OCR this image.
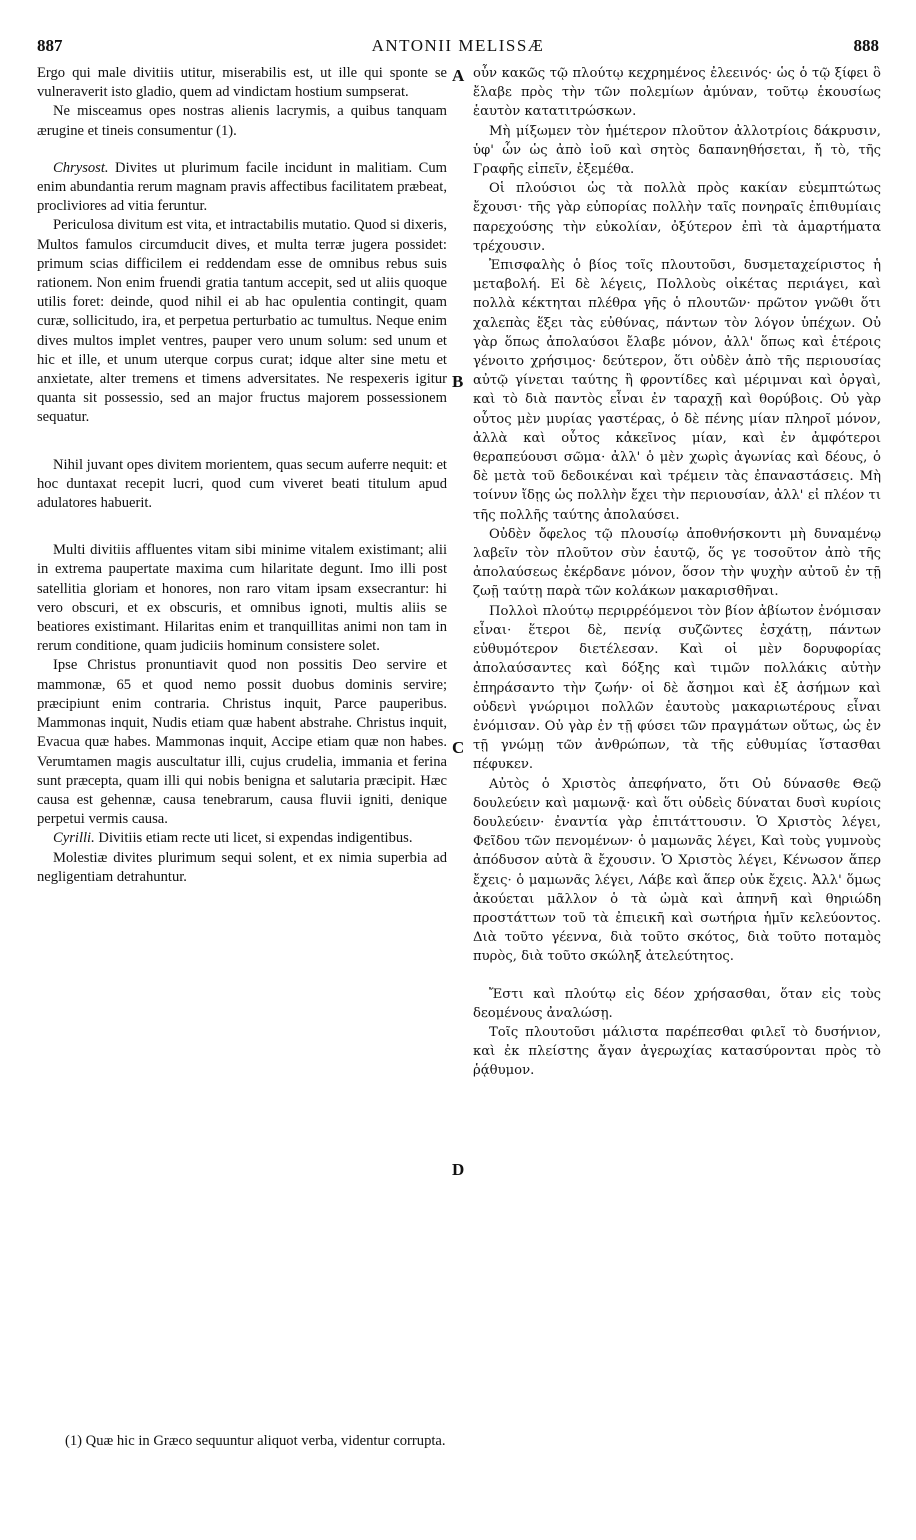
887	ANTONII MELISSÆ	888

Ergo qui male divitiis utitur, miserabilis est, ut ille qui sponte se vulneraverit isto gladio, quem ad vindictam hostium sumpserat.

Ne misceamus opes nostras alienis lacrymis, a quibus tanquam ærugine et tineis consumentur (1).

Chrysost. Divites ut plurimum facile incidunt in malitiam. Cum enim abundantia rerum magnam pravis affectibus facilitatem præbeat, procliviores ad vitia feruntur.

Periculosa divitum est vita, et intractabilis mutatio. Quod si dixeris, Multos famulos circumducit dives, et multa terræ jugera possidet: primum scias difficilem ei reddendam esse de omnibus rebus suis rationem. Non enim fruendi gratia tantum accepit, sed ut aliis quoque utilis foret: deinde, quod nihil ei ab hac opulentia contingit, quam curæ, sollicitudo, ira, et perpetua perturbatio ac tumultus. Neque enim dives multos implet ventres, pauper vero unum solum: sed unum et hic et ille, et unum uterque corpus curat; idque alter sine metu et anxietate, alter tremens et timens adversitates. Ne respexeris igitur quanta sit possessio, sed an major fructus majorem possessionem sequatur.

Nihil juvant opes divitem morientem, quas secum auferre nequit: et hoc duntaxat recepit lucri, quod cum viveret beati titulum apud adulatores habuerit.

Multi divitiis affluentes vitam sibi minime vitalem existimant; alii in extrema paupertate maxima cum hilaritate degunt. Imo illi post satellitia gloriam et honores, non raro vitam ipsam exsecrantur: hi vero obscuri, et ex obscuris, et omnibus ignoti, multis aliis se beatiores existimant. Hilaritas enim et tranquillitas animi non tam in rerum conditione, quam judiciis hominum consistere solet.

Ipse Christus pronuntiavit quod non possitis Deo servire et mammonæ, 65 et quod nemo possit duobus dominis servire; præcipiunt enim contraria. Christus inquit, Parce pauperibus. Mammonas inquit, Nudis etiam quæ habent abstrahe. Christus inquit, Evacua quæ habes. Mammonas inquit, Accipe etiam quæ non habes. Verumtamen magis auscultatur illi, cujus crudelia, immania et ferina sunt præcepta, quam illi qui nobis benigna et salutaria præcipit. Hæc causa est gehennæ, causa tenebrarum, causa fluvii igniti, denique perpetui vermis causa.

Cyrilli. Divitiis etiam recte uti licet, si expendas indigentibus.

Molestiæ divites plurimum sequi solent, et ex nimia superbia ad negligentiam detrahuntur.

οὖν κακῶς τῷ πλούτῳ κεχρημένος ἐλεεινός· ὡς ὁ τῷ ξίφει ὃ ἔλαβε πρὸς τὴν τῶν πολεμίων ἀμύναν, τοῦτῳ ἑκουσίως ἑαυτὸν κατατιτρώσκων.

Μὴ μίξωμεν τὸν ἡμέτερον πλοῦτον ἀλλοτρίοις δάκρυσιν, ὑφ' ὧν ὡς ἀπὸ ἰοῦ καὶ σητὸς δαπανηθήσεται, ἤ τὸ, τῆς Γραφῆς εἰπεῖν, ἐξεμέθα.

Οἱ πλούσιοι ὡς τὰ πολλὰ πρὸς κακίαν εὐεμπτώτως ἔχουσι· τῆς γὰρ εὐπορίας πολλὴν ταῖς πονηραῖς ἐπιθυμίαις παρεχούσης τὴν εὐκολίαν, ὀξύτερον ἐπὶ τὰ ἁμαρτήματα τρέχουσιν.

Ἐπισφαλὴς ὁ βίος τοῖς πλουτοῦσι, δυσμεταχείριστος ἡ μεταβολή. Εἰ δὲ λέγεις, Πολλοὺς οἰκέτας περιάγει, καὶ πολλὰ κέκτηται πλέθρα γῆς ὁ πλουτῶν· πρῶτον γνῶθι ὅτι χαλεπὰς ἕξει τὰς εὐθύνας, πάντων τὸν λόγον ὑπέχων. Οὐ γὰρ ὅπως ἀπολαύσοι ἔλαβε μόνον, ἀλλ' ὅπως καὶ ἑτέροις γένοιτο χρήσιμος· δεύτερον, ὅτι οὐδὲν ἀπὸ τῆς περιουσίας αὐτῷ γίνεται ταύτης ἢ φροντίδες καὶ μέριμναι καὶ ὀργαὶ, καὶ τὸ διὰ παντὸς εἶναι ἐν ταραχῇ καὶ θορύβοις. Οὐ γὰρ οὗτος μὲν μυρίας γαστέρας, ὁ δὲ πένης μίαν πληροῖ μόνον, ἀλλὰ καὶ οὗτος κἀκεῖνος μίαν, καὶ ἐν ἀμφότεροι θεραπεύουσι σῶμα· ἀλλ' ὁ μὲν χωρὶς ἀγωνίας καὶ δέους, ὁ δὲ μετὰ τοῦ δεδοικέναι καὶ τρέμειν τὰς ἐπαναστάσεις. Μὴ τοίνυν ἴδῃς ὡς πολλὴν ἔχει τὴν περιουσίαν, ἀλλ' εἰ πλέον τι τῆς πολλῆς ταύτης ἀπολαύσει.

Οὐδὲν ὄφελος τῷ πλουσίῳ ἀποθνήσκοντι μὴ δυναμένῳ λαβεῖν τὸν πλοῦτον σὺν ἑαυτῷ, ὅς γε τοσοῦτον ἀπὸ τῆς ἀπολαύσεως ἐκέρδανε μόνον, ὅσον τὴν ψυχὴν αὐτοῦ ἐν τῇ ζωῇ ταύτῃ παρὰ τῶν κολάκων μακαρισθῆναι.

Πολλοὶ πλούτῳ περιρρέόμενοι τὸν βίον ἀβίωτον ἐνόμισαν εἶναι· ἕτεροι δὲ, πενίᾳ συζῶντες ἐσχάτῃ, πάντων εὐθυμότερον διετέλεσαν. Καὶ οἱ μὲν δορυφορίας ἀπολαύσαντες καὶ δόξης καὶ τιμῶν πολλάκις αὐτὴν ἐπηράσαντο τὴν ζωήν· οἱ δὲ ἄσημοι καὶ ἐξ ἀσήμων καὶ οὐδενὶ γνώριμοι πολλῶν ἑαυτοὺς μακαριωτέρους εἶναι ἐνόμισαν. Οὐ γὰρ ἐν τῇ φύσει τῶν πραγμάτων οὕτως, ὡς ἐν τῇ γνώμῃ τῶν ἀνθρώπων, τὰ τῆς εὐθυμίας ἵστασθαι πέφυκεν.

Αὐτὸς ὁ Χριστὸς ἀπεφήνατο, ὅτι Οὐ δύνασθε Θεῷ δουλεύειν καὶ μαμωνᾷ· καὶ ὅτι οὐδεὶς δύναται δυσὶ κυρίοις δουλεύειν· ἐναντία γὰρ ἐπιτάττουσιν. Ὁ Χριστὸς λέγει, Φεῖδου τῶν πενομένων· ὁ μαμωνᾶς λέγει, Καὶ τοὺς γυμνοὺς ἀπόδυσον αὐτὰ ἃ ἔχουσιν. Ὁ Χριστὸς λέγει, Κένωσον ἅπερ ἔχεις· ὁ μαμωνᾶς λέγει, Λάβε καὶ ἅπερ οὐκ ἔχεις. Ἀλλ' ὅμως ἀκούεται μᾶλλον ὁ τὰ ὠμὰ καὶ ἀπηνῆ καὶ θηριώδη προστάττων τοῦ τὰ ἐπιεικῆ καὶ σωτήρια ἡμῖν κελεύοντος. Διὰ τοῦτο γέεννα, διὰ τοῦτο σκότος, διὰ τοῦτο ποταμὸς πυρὸς, διὰ τοῦτο σκώληξ ἀτελεύτητος.

Ἔστι καὶ πλούτῳ εἰς δέον χρήσασθαι, ὅταν εἰς τοὺς δεομένους ἀναλώσῃ.

Τοῖς πλουτοῦσι μάλιστα παρέπεσθαι φιλεῖ τὸ δυσήνιον, καὶ ἐκ πλείστης ἄγαν ἀγερωχίας κατασύρονται πρὸς τὸ ῥᾴθυμον.

A
B
C
D
(1) Quæ hic in Græco sequuntur aliquot verba, videntur corrupta.
